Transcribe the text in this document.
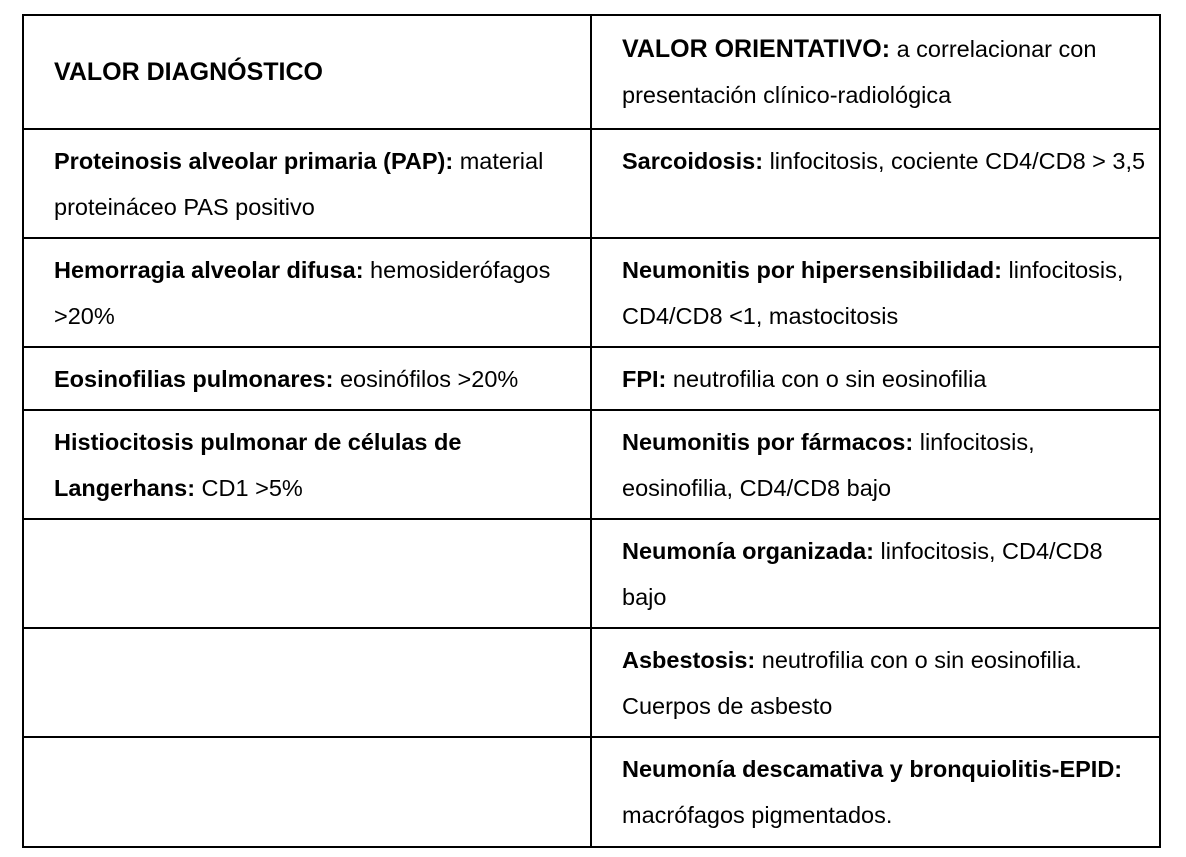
VALOR DIAGNÓSTICO	VALOR ORIENTATIVO: a correlacionar con presentación clínico-radiológica
Proteinosis alveolar primaria (PAP): material proteináceo PAS positivo	Sarcoidosis: linfocitosis, cociente CD4/CD8 > 3,5
Hemorragia alveolar difusa: hemosiderófagos >20%	Neumonitis por hipersensibilidad: linfocitosis, CD4/CD8 <1, mastocitosis
Eosinofilias pulmonares: eosinófilos >20%	FPI: neutrofilia con o sin eosinofilia
Histiocitosis pulmonar de células de Langerhans: CD1 >5%	Neumonitis por fármacos: linfocitosis, eosinofilia, CD4/CD8 bajo
	Neumonía organizada: linfocitosis, CD4/CD8 bajo
	Asbestosis: neutrofilia con o sin eosinofilia. Cuerpos de asbesto
	Neumonía descamativa y bronquiolitis-EPID: macrófagos pigmentados.
